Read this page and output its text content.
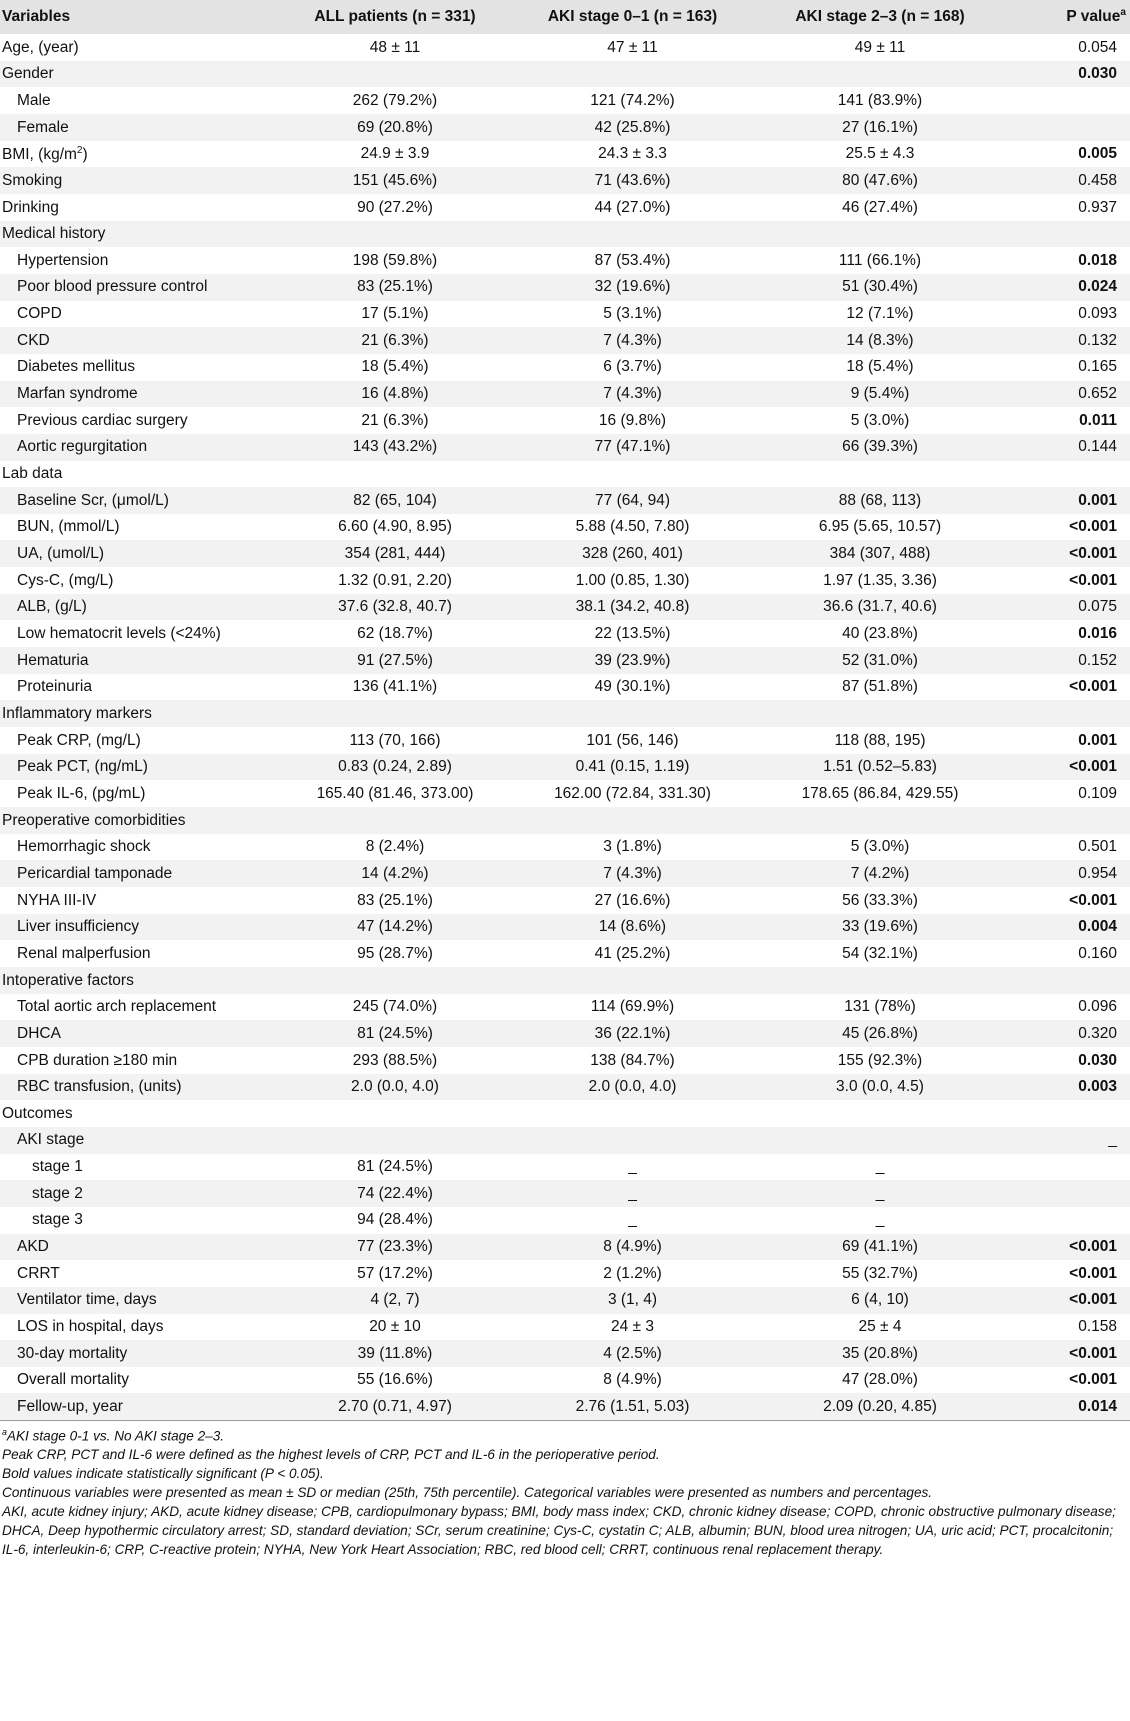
Variables	ALL patients (n = 331)	AKI stage 0–1 (n = 163)	AKI stage 2–3 (n = 168)	P value$^a$
Age, (year)	48 ± 11	47 ± 11	49 ± 11	0.054
Gender				0.030
Male	262 (79.2%)	121 (74.2%)	141 (83.9%)	
Female	69 (20.8%)	42 (25.8%)	27 (16.1%)	
BMI, $(kg/m^2)$	24.9 ± 3.9	24.3 ± 3.3	25.5 ± 4.3	0.005
Smoking	151 (45.6%)	71 (43.6%)	80 (47.6%)	0.458
Drinking	90 (27.2%)	44 (27.0%)	46 (27.4%)	0.937
Medical history				
Hypertension	198 (59.8%)	87 (53.4%)	111 (66.1%)	0.018
Poor blood pressure control	83 (25.1%)	32 (19.6%)	51 (30.4%)	0.024
COPD	17 (5.1%)	5 (3.1%)	12 (7.1%)	0.093
CKD	21 (6.3%)	7 (4.3%)	14 (8.3%)	0.132
Diabetes mellitus	18 (5.4%)	6 (3.7%)	18 (5.4%)	0.165
Marfan syndrome	16 (4.8%)	7 (4.3%)	9 (5.4%)	0.652
Previous cardiac surgery	21 (6.3%)	16 (9.8%)	5 (3.0%)	0.011
Aortic regurgitation	143 (43.2%)	77 (47.1%)	66 (39.3%)	0.144
Lab data				
Baseline Scr, (μmol/L)	82 (65, 104)	77 (64, 94)	88 (68, 113)	0.001
BUN, (mmol/L)	6.60 (4.90, 8.95)	5.88 (4.50, 7.80)	6.95 (5.65, 10.57)	<0.001
UA, (umol/L)	354 (281, 444)	328 (260, 401)	384 (307, 488)	<0.001
Cys-C, (mg/L)	1.32 (0.91, 2.20)	1.00 (0.85, 1.30)	1.97 (1.35, 3.36)	<0.001
ALB, (g/L)	37.6 (32.8, 40.7)	38.1 (34.2, 40.8)	36.6 (31.7, 40.6)	0.075
Low hematocrit levels (<24%)	62 (18.7%)	22 (13.5%)	40 (23.8%)	0.016
Hematuria	91 (27.5%)	39 (23.9%)	52 (31.0%)	0.152
Proteinuria	136 (41.1%)	49 (30.1%)	87 (51.8%)	<0.001
Inflammatory markers				
Peak CRP, (mg/L)	113 (70, 166)	101 (56, 146)	118 (88, 195)	0.001
Peak PCT, (ng/mL)	0.83 (0.24, 2.89)	0.41 (0.15, 1.19)	1.51 (0.52–5.83)	<0.001
Peak IL-6, (pg/mL)	165.40 (81.46, 373.00)	162.00 (72.84, 331.30)	178.65 (86.84, 429.55)	0.109
Preoperative comorbidities				
Hemorrhagic shock	8 (2.4%)	3 (1.8%)	5 (3.0%)	0.501
Pericardial tamponade	14 (4.2%)	7 (4.3%)	7 (4.2%)	0.954
NYHA III-IV	83 (25.1%)	27 (16.6%)	56 (33.3%)	<0.001
Liver insufficiency	47 (14.2%)	14 (8.6%)	33 (19.6%)	0.004
Renal malperfusion	95 (28.7%)	41 (25.2%)	54 (32.1%)	0.160
Intoperative factors				
Total aortic arch replacement	245 (74.0%)	114 (69.9%)	131 (78%)	0.096
DHCA	81 (24.5%)	36 (22.1%)	45 (26.8%)	0.320
CPB duration ≥180 min	293 (88.5%)	138 (84.7%)	155 (92.3%)	0.030
RBC transfusion, (units)	2.0 (0.0, 4.0)	2.0 (0.0, 4.0)	3.0 (0.0, 4.5)	0.003
Outcomes				
AKI stage				_
stage 1	81 (24.5%)	_	_	
stage 2	74 (22.4%)	_	_	
stage 3	94 (28.4%)	_	_	
AKD	77 (23.3%)	8 (4.9%)	69 (41.1%)	<0.001
CRRT	57 (17.2%)	2 (1.2%)	55 (32.7%)	<0.001
Ventilator time, days	4 (2, 7)	3 (1, 4)	6 (4, 10)	<0.001
LOS in hospital, days	20 ± 10	24 ± 3	25 ± 4	0.158
30-day mortality	39 (11.8%)	4 (2.5%)	35 (20.8%)	<0.001
Overall mortality	55 (16.6%)	8 (4.9%)	47 (28.0%)	<0.001
Fellow-up, year	2.70 (0.71, 4.97)	2.76 (1.51, 5.03)	2.09 (0.20, 4.85)	0.014
$^a$AKI stage 0-1 vs. No AKI stage 2–3.
Peak CRP, PCT and IL-6 were defined as the highest levels of CRP, PCT and IL-6 in the perioperative period.
Bold values indicate statistically significant (P < 0.05).
Continuous variables were presented as mean ± SD or median (25th, 75th percentile). Categorical variables were presented as numbers and percentages.
AKI, acute kidney injury; AKD, acute kidney disease; CPB, cardiopulmonary bypass; BMI, body mass index; CKD, chronic kidney disease; COPD, chronic obstructive pulmonary disease; DHCA, Deep hypothermic circulatory arrest; SD, standard deviation; SCr, serum creatinine; Cys-C, cystatin C; ALB, albumin; BUN, blood urea nitrogen; UA, uric acid; PCT, procalcitonin; IL-6, interleukin-6; CRP, C-reactive protein; NYHA, New York Heart Association; RBC, red blood cell; CRRT, continuous renal replacement therapy.
